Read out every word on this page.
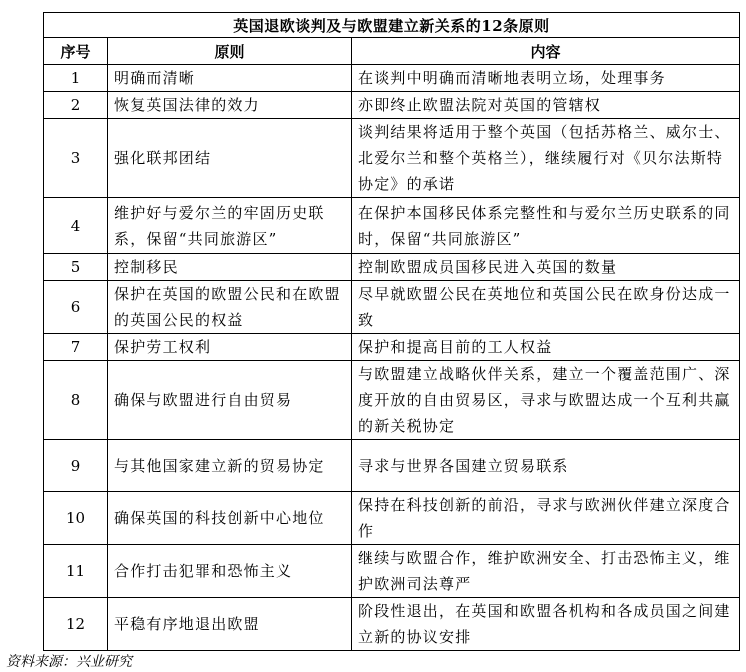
英国退欧谈判及与欧盟建立新关系的12条原则		
序号	原则	内容
1	明确而清晰	在谈判中明确而清晰地表明立场，处理事务
2	恢复英国法律的效力	亦即终止欧盟法院对英国的管辖权
3	强化联邦团结	谈判结果将适用于整个英国（包括苏格兰、威尔士、北爱尔兰和整个英格兰），继续履行对《贝尔法斯特协定》的承诺
4	维护好与爱尔兰的牢固历史联系，保留“共同旅游区”	在保护本国移民体系完整性和与爱尔兰历史联系的同时，保留“共同旅游区”
5	控制移民	控制欧盟成员国移民进入英国的数量
6	保护在英国的欧盟公民和在欧盟的英国公民的权益	尽早就欧盟公民在英地位和英国公民在欧身份达成一致
7	保护劳工权利	保护和提高目前的工人权益
8	确保与欧盟进行自由贸易	与欧盟建立战略伙伴关系，建立一个覆盖范围广、深度开放的自由贸易区，寻求与欧盟达成一个互利共赢的新关税协定
9	与其他国家建立新的贸易协定	寻求与世界各国建立贸易联系
10	确保英国的科技创新中心地位	保持在科技创新的前沿，寻求与欧洲伙伴建立深度合作
11	合作打击犯罪和恐怖主义	继续与欧盟合作，维护欧洲安全、打击恐怖主义，维护欧洲司法尊严
12	平稳有序地退出欧盟	阶段性退出，在英国和欧盟各机构和各成员国之间建立新的协议安排
资料来源：兴业研究
